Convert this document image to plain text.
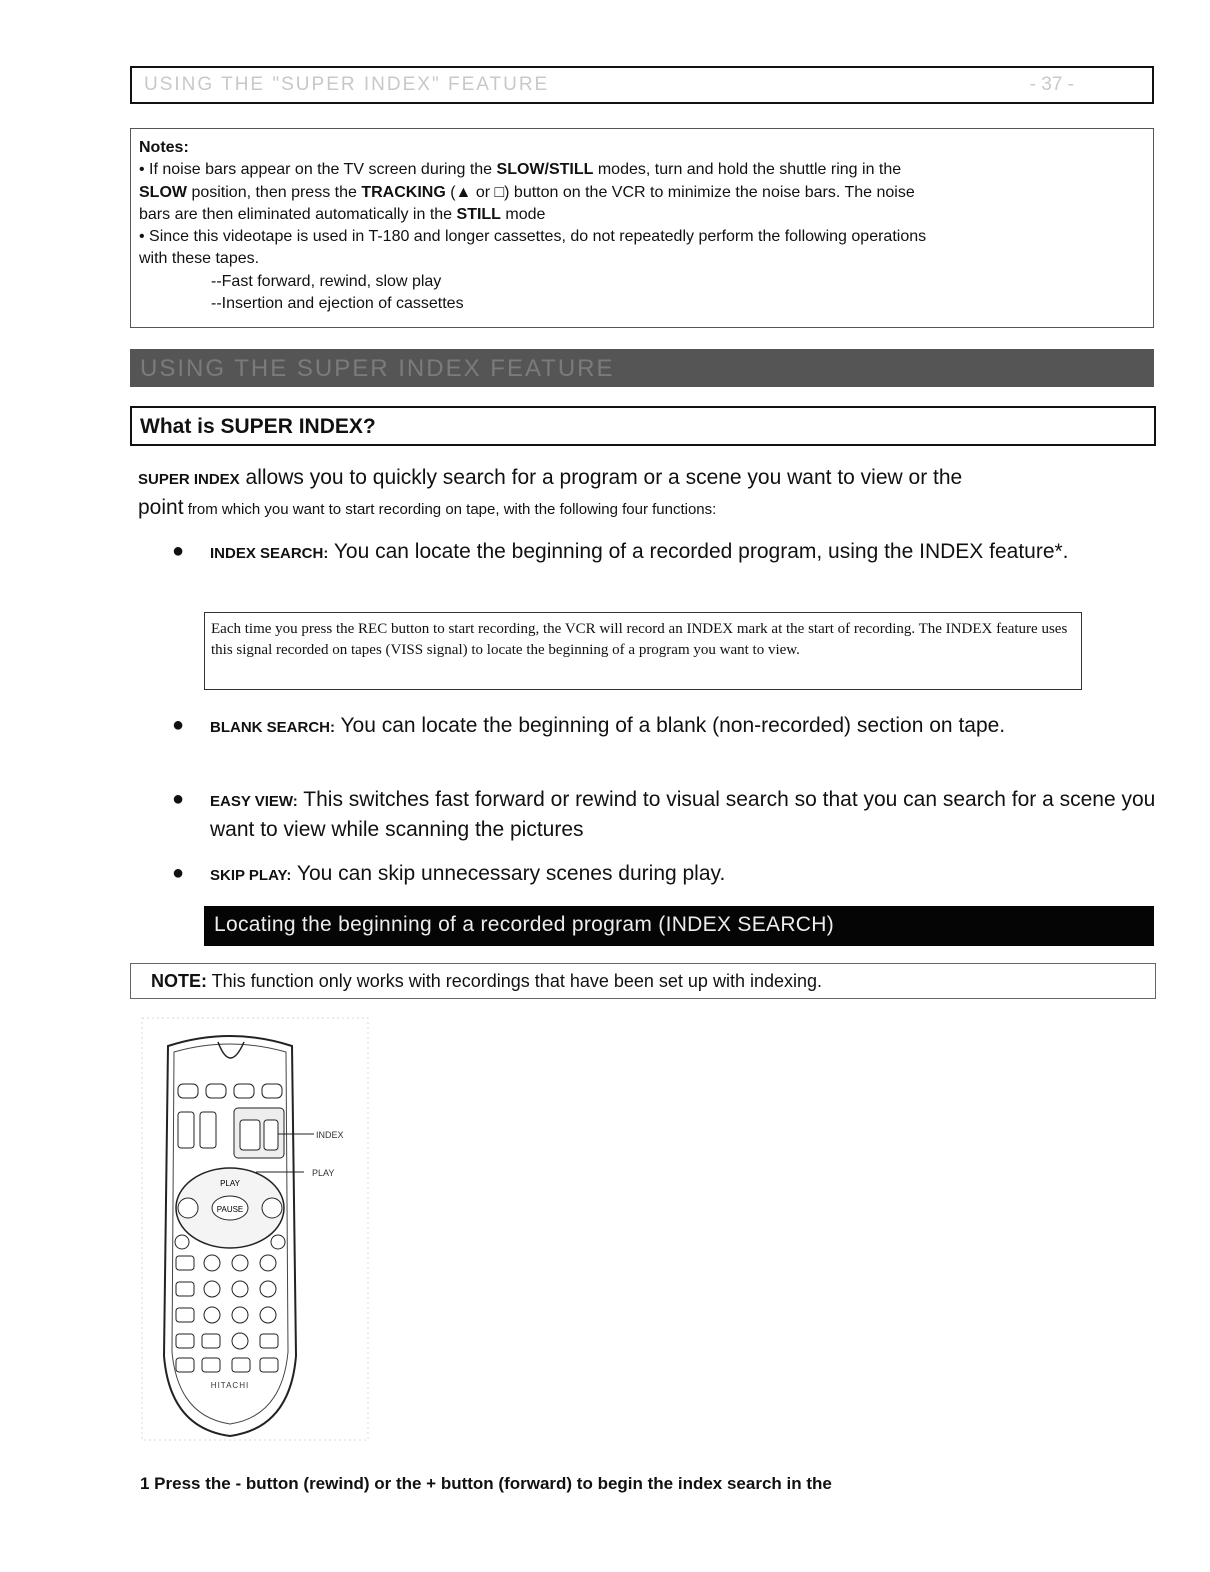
USING THE "SUPER INDEX" FEATURE	- 37 -
Notes:
• If noise bars appear on the TV screen during the SLOW/STILL modes, turn and hold the shuttle ring in the
SLOW position, then press the TRACKING (▲ or □) button on the VCR to minimize the noise bars. The noise
bars are then eliminated automatically in the STILL mode
• Since this videotape is used in T-180 and longer cassettes, do not repeatedly perform the following operations
with these tapes.
--Fast forward, rewind, slow play
--Insertion and ejection of cassettes
USING THE SUPER INDEX FEATURE
What is SUPER INDEX?
SUPER INDEX allows you to quickly search for a program or a scene you want to view or the
point from which you want to start recording on tape, with the following four functions:
● INDEX SEARCH: You can locate the beginning of a recorded program, using the INDEX feature*.
Each time you press the REC button to start recording, the VCR will record an INDEX mark at the start of recording. The INDEX feature uses this signal recorded on tapes (VISS signal) to locate the beginning of a program you want to view.
● BLANK SEARCH: You can locate the beginning of a blank (non-recorded) section on tape.
● EASY VIEW: This switches fast forward or rewind to visual search so that you can search for a scene you want to view while scanning the pictures
● SKIP PLAY: You can skip unnecessary scenes during play.
Locating the beginning of a recorded program (INDEX SEARCH)
NOTE: This function only works with recordings that have been set up with indexing.
INDEX
PLAY
PAUSE
PLAY
HITACHI
1 Press the - button (rewind) or the + button (forward) to begin the index search in the
